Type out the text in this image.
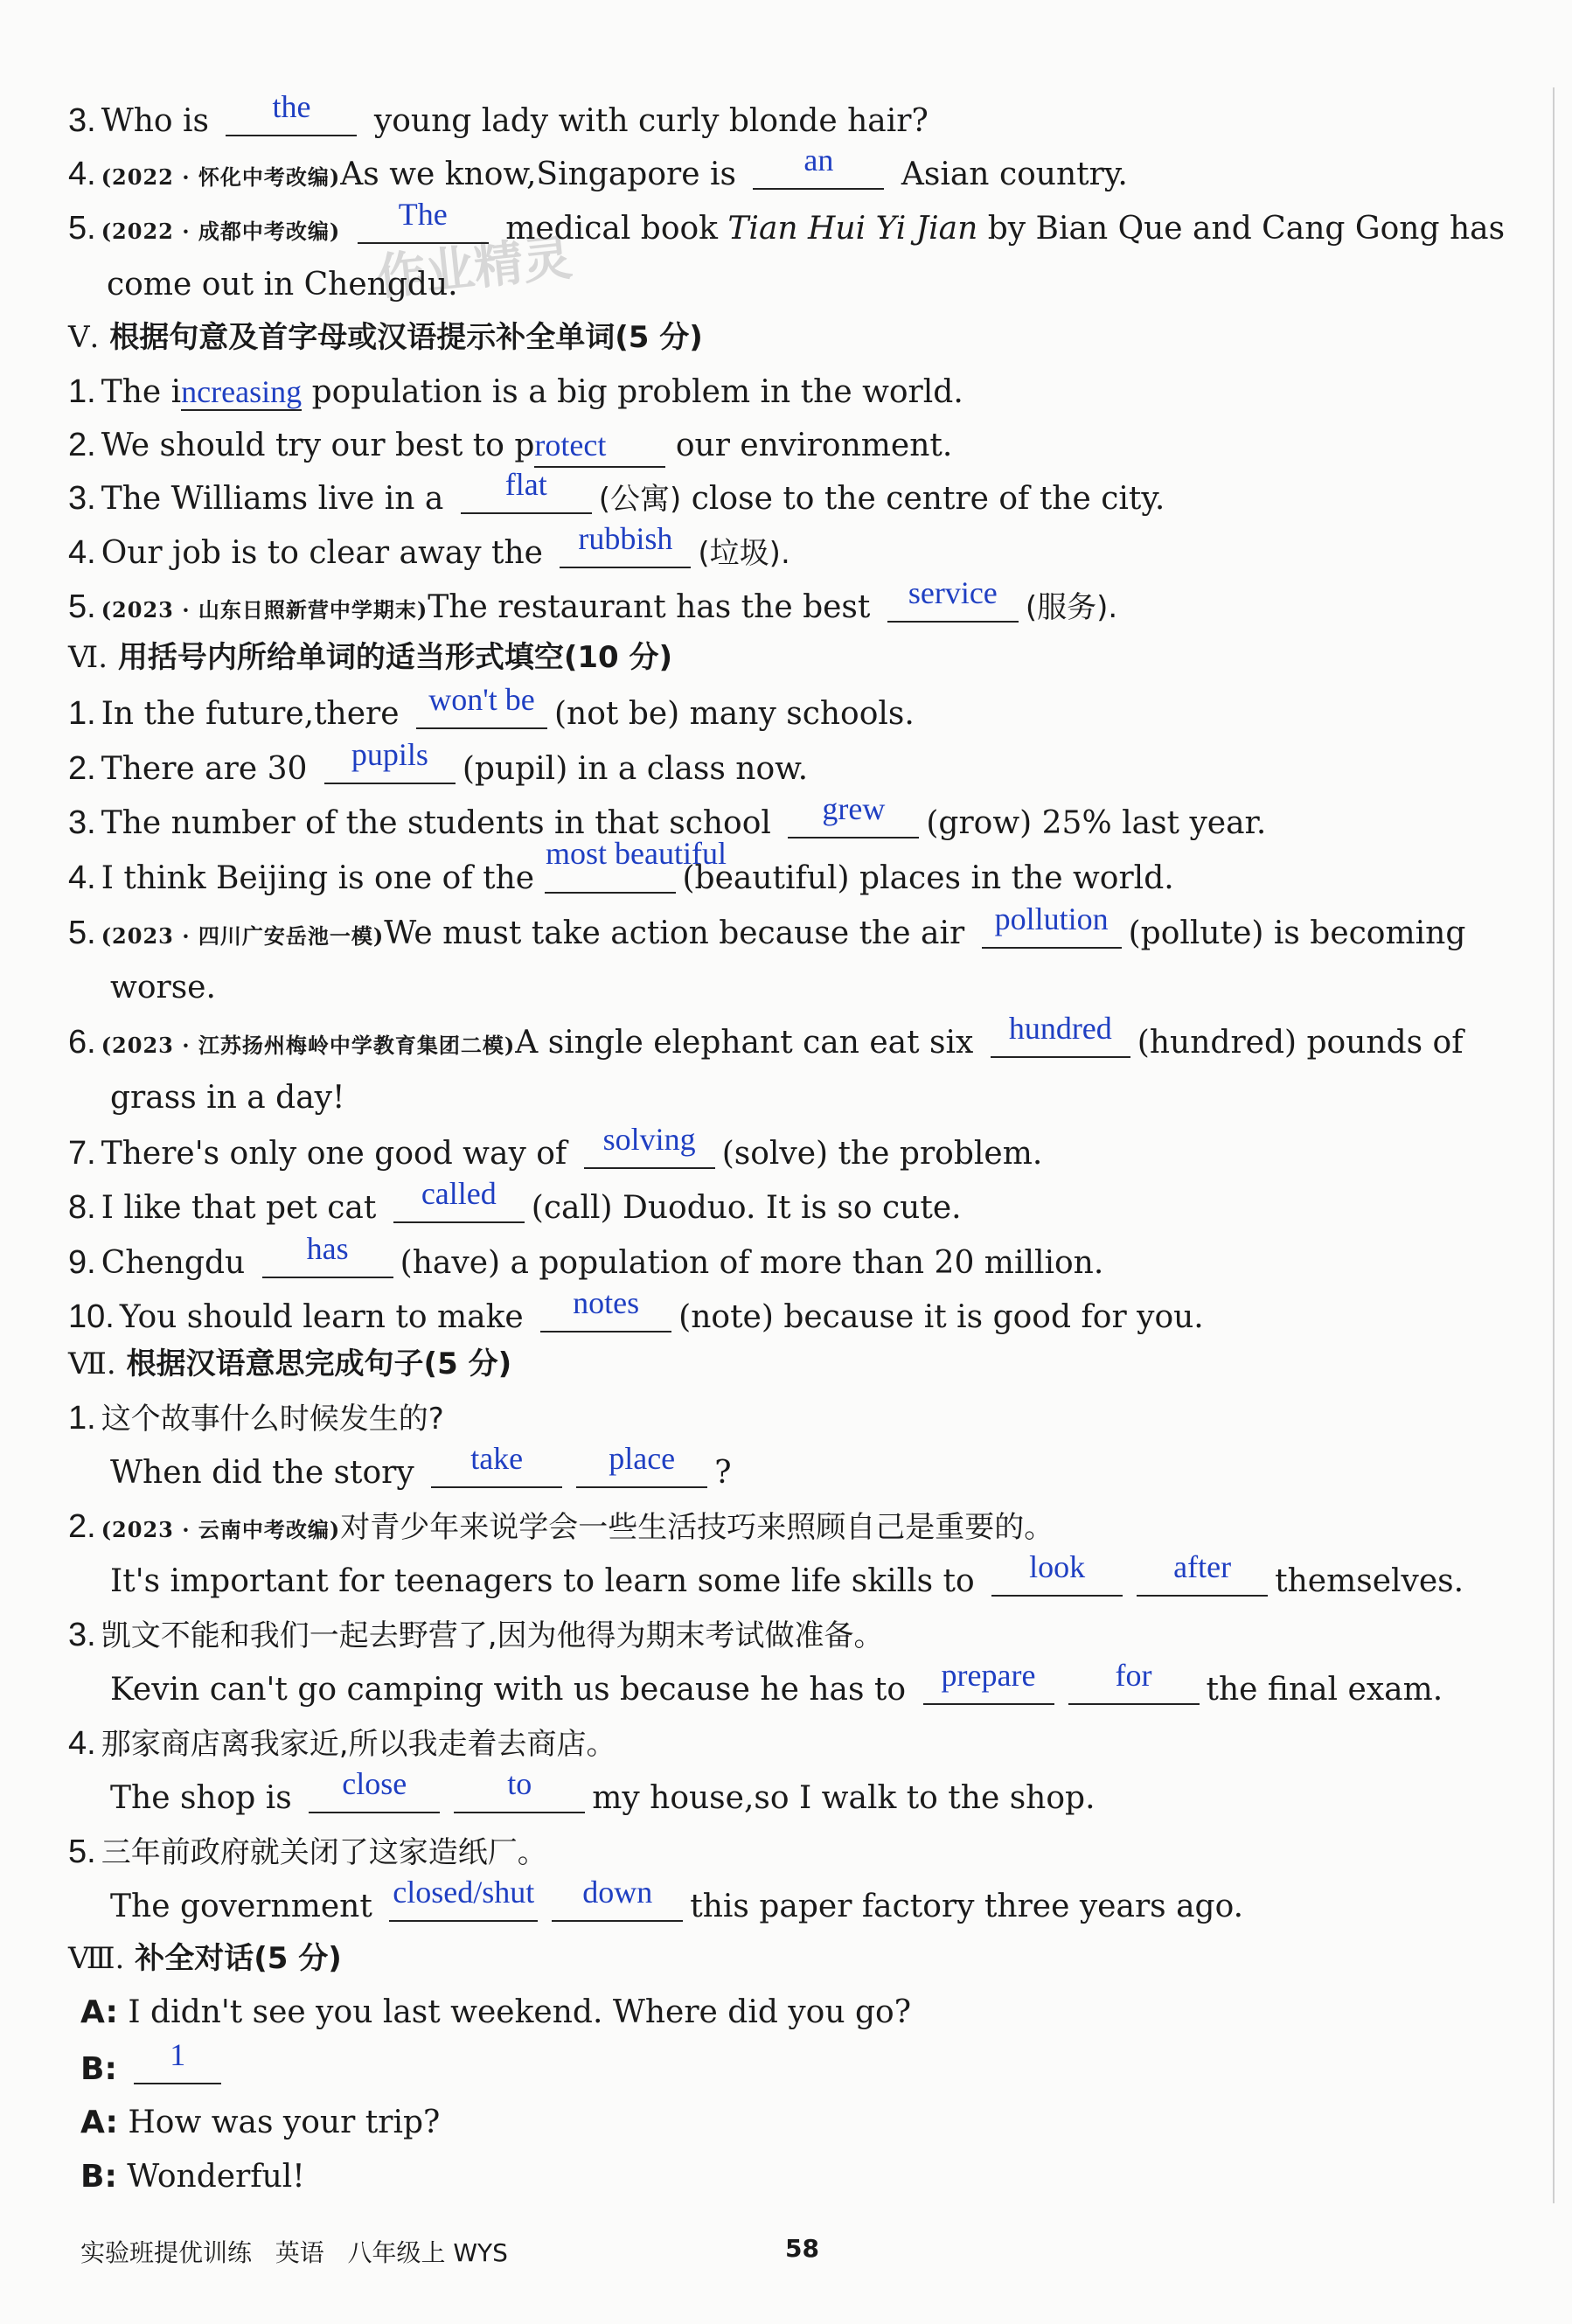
作业精灵
3. Who is	the	young lady with curly blonde hair?
4. (2022 · 怀化中考改编)As we know,Singapore is	an	Asian country.
5. (2022 · 成都中考改编)	The	medical book Tian Hui Yi Jian by Bian Que and Cang Gong has
come out in Chengdu.
Ⅴ. 根据句意及首字母或汉语提示补全单词(5 分)
1. The increasing population is a big problem in the world.
2. We should try our best to protect our environment.
3. The Williams live in a	flat	(公寓) close to the centre of the city.
4. Our job is to clear away the	rubbish (垃圾).
5. (2023 · 山东日照新营中学期末)The restaurant has the best	service (服务).
Ⅵ. 用括号内所给单词的适当形式填空(10 分)
1. In the future,there won't be (not be) many schools.
2. There are 30	pupils	(pupil) in a class now.
3. The number of the students in that school	grew	(grow) 25% last year.
4. I think Beijing is one of the
most beautiful
(beautiful) places in the world.
5. (2023 · 四川广安岳池一模)We must take action because the air pollution (pollute) is becoming
worse.
6. (2023 · 江苏扬州梅岭中学教育集团二模)A single elephant can eat six	hundred (hundred) pounds of
grass in a day!
7. There's only one good way of	solving (solve) the problem.
8. I like that pet cat	called	(call) Duoduo. It is so cute.
9. Chengdu	has	(have) a population of more than 20 million.
10. You should learn to make	notes	(note) because it is good for you.
Ⅶ. 根据汉语意思完成句子(5 分)
1. 这个故事什么时候发生的?
When did the story	take	place	?
2. (2023 · 云南中考改编)对青少年来说学会一些生活技巧来照顾自己是重要的。
It's important for teenagers to learn some life skills to	look	after	themselves.
3. 凯文不能和我们一起去野营了,因为他得为期末考试做准备。
Kevin can't go camping with us because he has to	prepare	for	the final exam.
4. 那家商店离我家近,所以我走着去商店。
The shop is	close	to	my house,so I walk to the shop.
5. 三年前政府就关闭了这家造纸厂。
The government closed/shut	down	this paper factory three years ago.
Ⅷ. 补全对话(5 分)
A: I didn't see you last weekend. Where did you go?
B:	1
A: How was your trip?
B: Wonderful!
实验班提优训练 英语 八年级上 WYS	58
